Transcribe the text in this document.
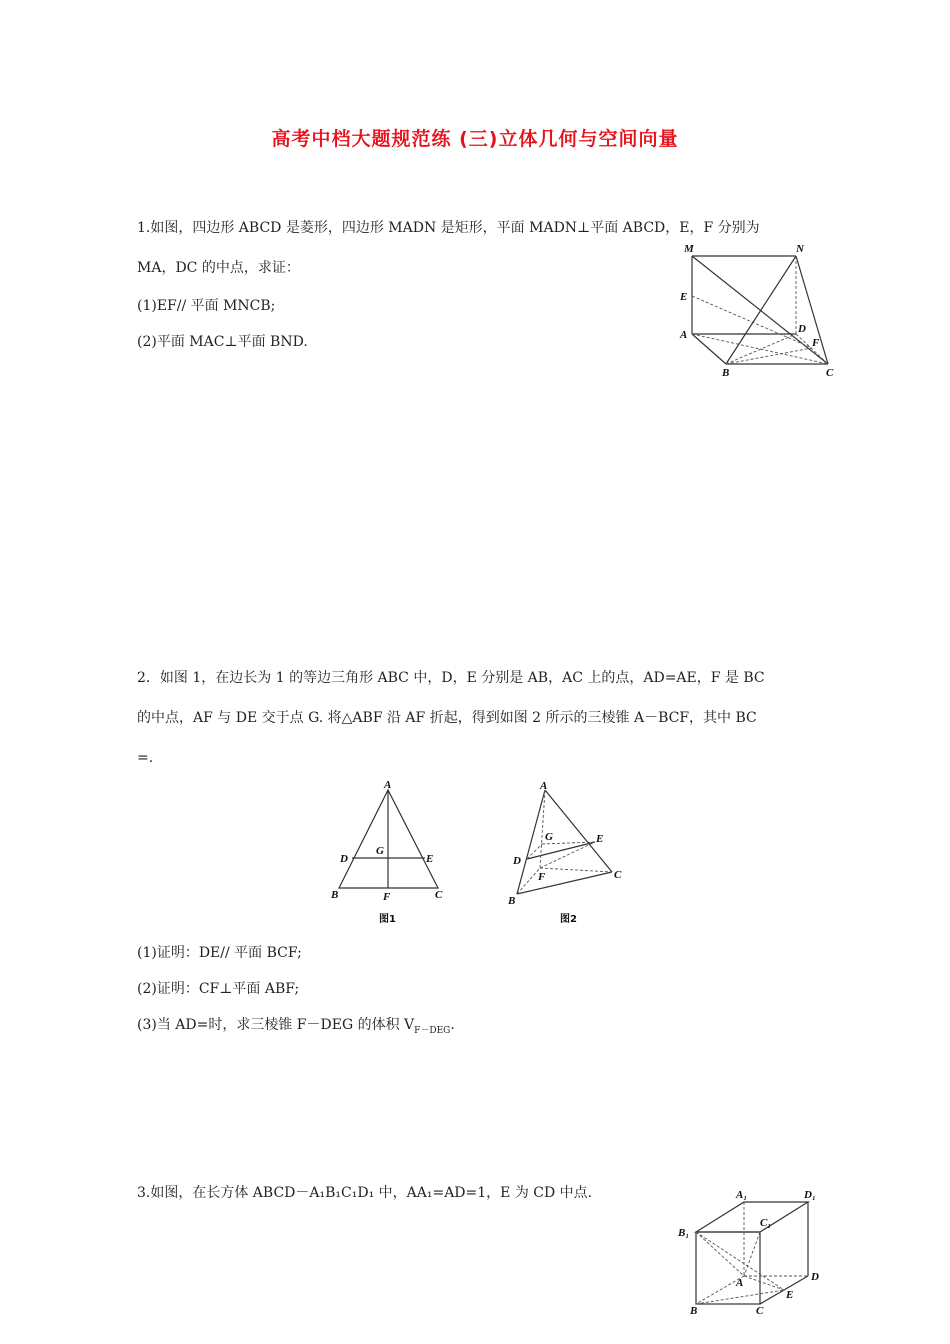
高考中档大题规范练 (三)立体几何与空间向量
1.如图，四边形 ABCD 是菱形，四边形 MADN 是矩形，平面 MADN⊥平面 ABCD，E，F 分别为
MA，DC 的中点，求证：
(1)EF// 平面 MNCB;
(2)平面 MAC⊥平面 BND.
M	N
E
A	D
F
B	C
2．如图 1，在边长为 1 的等边三角形 ABC 中，D，E 分别是 AB，AC 上的点，AD=AE，F 是 BC
的中点，AF 与 DE 交于点 G. 将△ABF 沿 AF 折起，得到如图 2 所示的三棱锥 A－BCF，其中 BC
=.
A
G
D	E
B	F	C
图1
A
G	E
D
F	C
B
图2
(1)证明：DE// 平面 BCF;
(2)证明：CF⊥平面 ABF;
(3)当 AD=时，求三棱锥 F－DEG 的体积 $V_{F-DEG}$.
3.如图，在长方体 ABCD－A₁B₁C₁D₁ 中，AA₁=AD=1，E 为 CD 中点.	A₁	D₁
B₁
C₁
A	D
E
B	C
